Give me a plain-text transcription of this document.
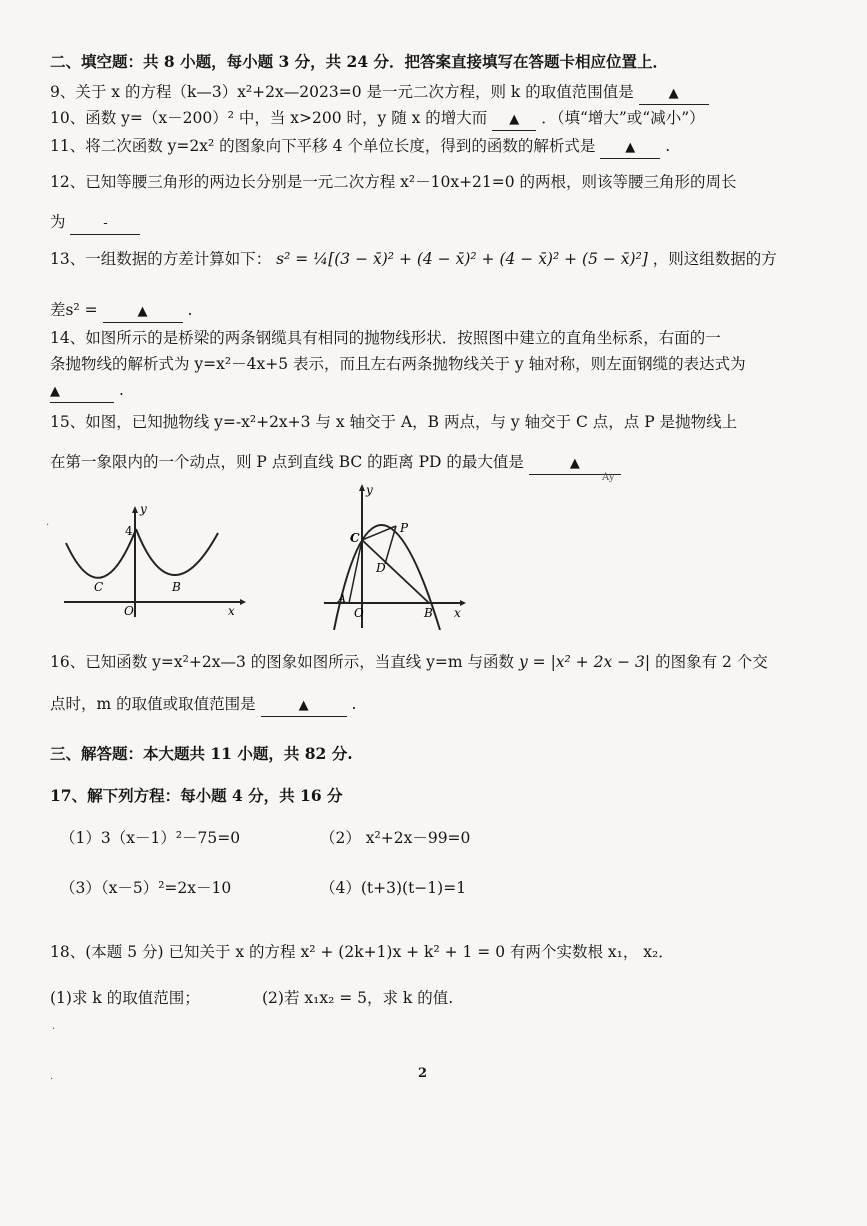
二、填空题：共 8 小题，每小题 3 分，共 24 分．把答案直接填写在答题卡相应位置上．
9、关于 x 的方程（k—3）x²+2x—2023=0 是一元二次方程，则 k 的取值范围值是	▲
10、函数 y=（x－200）² 中，当 x>200 时，y 随 x 的增大而 ▲ ．（填“增大”或“减小”）
11、将二次函数 y=2x² 的图象向下平移 4 个单位长度，得到的函数的解析式是 ▲ .
12、已知等腰三角形的两边长分别是一元二次方程 x²－10x+21=0 的两根，则该等腰三角形的周长
为	-
13、一组数据的方差计算如下： s² = ¼[(3 − x̄)² + (4 − x̄)² + (4 − x̄)² + (5 − x̄)²] ，则这组数据的方
差s² =	▲	.
14、如图所示的是桥梁的两条钢缆具有相同的抛物线形状．按照图中建立的直角坐标系，右面的一
条抛物线的解析式为 y=x²－4x+5 表示，而且左右两条抛物线关于 y 轴对称，则左面钢缆的表达式为
▲	.
15、如图，已知抛物线 y=-x²+2x+3 与 x 轴交于 A，B 两点，与 y 轴交于 C 点，点 P 是抛物线上
在第一象限内的一个动点，则 P 点到直线 BC 的距离 PD 的最大值是	▲
y
4
C	B
O	x
y
C
P
D
A
O	B x
Ay
16、已知函数 y=x²+2x—3 的图象如图所示，当直线 y=m 与函数 y = |x² + 2x − 3| 的图象有 2 个交
点时，m 的取值或取值范围是	▲	.
三、解答题：本大题共 11 小题，共 82 分.
17、解下列方程：每小题 4 分，共 16 分
（1）3（x－1）²－75=0	（2） x²+2x－99=0
（3）（x－5）²=2x－10	（4）(t+3)(t−1)=1
18、(本题 5 分) 已知关于 x 的方程 x² + (2k+1)x + k² + 1 = 0 有两个实数根 x₁， x₂．
(1)求 k 的取值范围；	(2)若 x₁x₂ = 5，求 k 的值.
2
·
·
·
